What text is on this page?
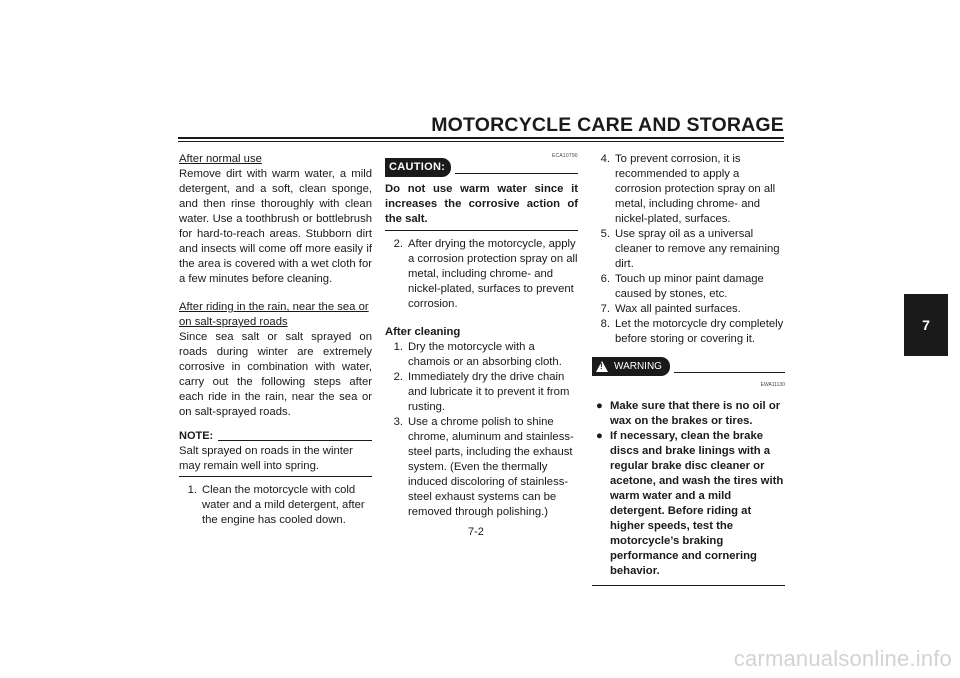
MOTORCYCLE CARE AND STORAGE

After normal use

Remove dirt with warm water, a mild detergent, and a soft, clean sponge, and then rinse thoroughly with clean water. Use a toothbrush or bottlebrush for hard-to-reach areas. Stubborn dirt and insects will come off more easily if the area is covered with a wet cloth for a few minutes before cleaning.

After riding in the rain, near the sea or on salt-sprayed roads

Since sea salt or salt sprayed on roads during winter are extremely corrosive in combination with water, carry out the following steps after each ride in the rain, near the sea or on salt-sprayed roads.

NOTE:

Salt sprayed on roads in the winter may remain well into spring.

1. Clean the motorcycle with cold water and a mild detergent, after the engine has cooled down.
ECA10790
CAUTION:

Do not use warm water since it increases the corrosive action of the salt.

2. After drying the motorcycle, apply a corrosion protection spray on all metal, including chrome- and nickel-plated, surfaces to prevent corrosion.

After cleaning

1. Dry the motorcycle with a chamois or an absorbing cloth.
2. Immediately dry the drive chain and lubricate it to prevent it from rusting.
3. Use a chrome polish to shine chrome, aluminum and stainless-steel parts, including the exhaust system. (Even the thermally induced discoloring of stainless-steel exhaust systems can be removed through polishing.)
4. To prevent corrosion, it is recommended to apply a corrosion protection spray on all metal, including chrome- and nickel-plated, surfaces.
5. Use spray oil as a universal cleaner to remove any remaining dirt.
6. Touch up minor paint damage caused by stones, etc.
7. Wax all painted surfaces.
8. Let the motorcycle dry completely before storing or covering it.
! WARNING
EWA11130
● Make sure that there is no oil or wax on the brakes or tires.
● If necessary, clean the brake discs and brake linings with a regular brake disc cleaner or acetone, and wash the tires with warm water and a mild detergent. Before riding at higher speeds, test the motorcycle’s braking performance and cornering behavior.
7
7-2
carmanualsonline.info
